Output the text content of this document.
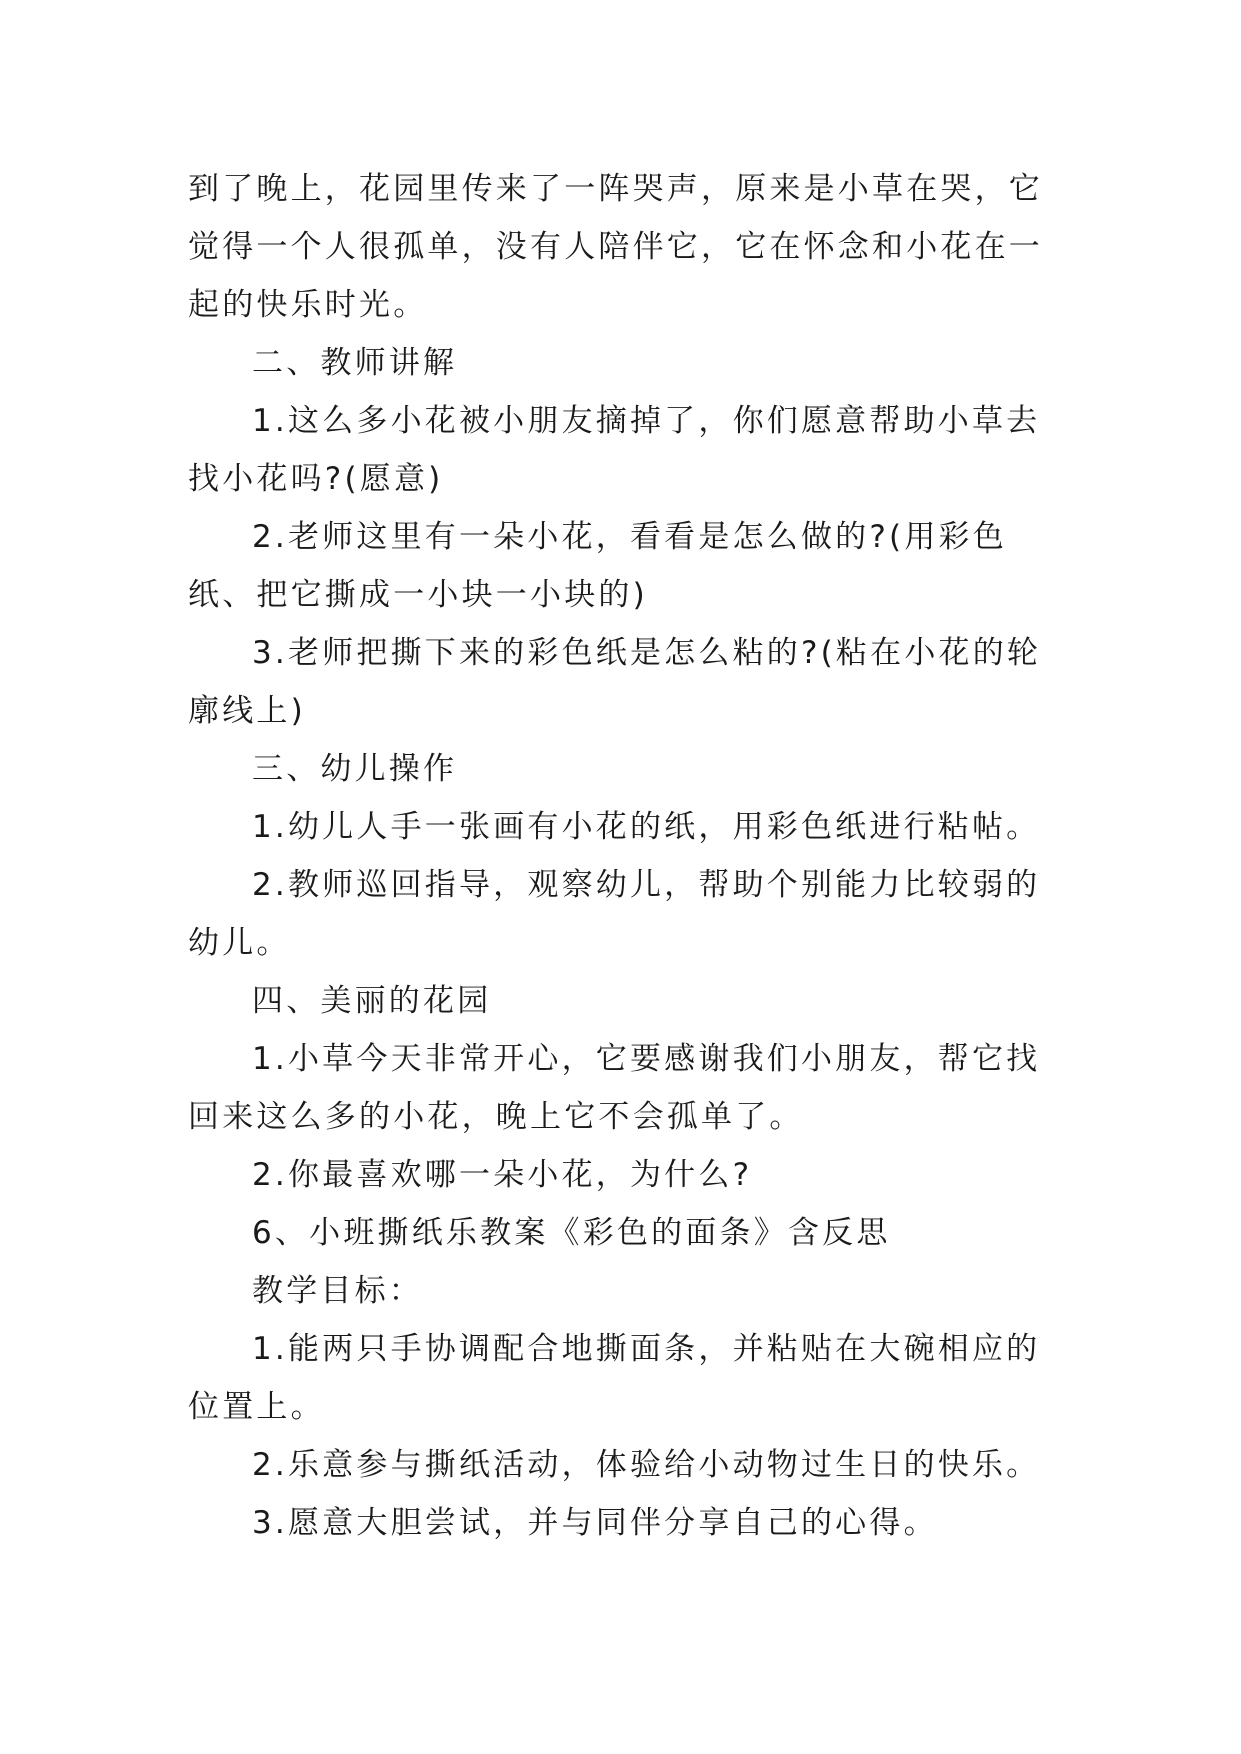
到了晚上，花园里传来了一阵哭声，原来是小草在哭，它觉得一个人很孤单，没有人陪伴它，它在怀念和小花在一起的快乐时光。

二、教师讲解

1.这么多小花被小朋友摘掉了，你们愿意帮助小草去找小花吗?(愿意)

2.老师这里有一朵小花，看看是怎么做的?(用彩色纸、把它撕成一小块一小块的)

3.老师把撕下来的彩色纸是怎么粘的?(粘在小花的轮廓线上)

三、幼儿操作

1.幼儿人手一张画有小花的纸，用彩色纸进行粘帖。

2.教师巡回指导，观察幼儿，帮助个别能力比较弱的幼儿。

四、美丽的花园

1.小草今天非常开心，它要感谢我们小朋友，帮它找回来这么多的小花，晚上它不会孤单了。

2.你最喜欢哪一朵小花，为什么?

6、小班撕纸乐教案《彩色的面条》含反思

教学目标：

1.能两只手协调配合地撕面条，并粘贴在大碗相应的位置上。

2.乐意参与撕纸活动，体验给小动物过生日的快乐。

3.愿意大胆尝试，并与同伴分享自己的心得。
